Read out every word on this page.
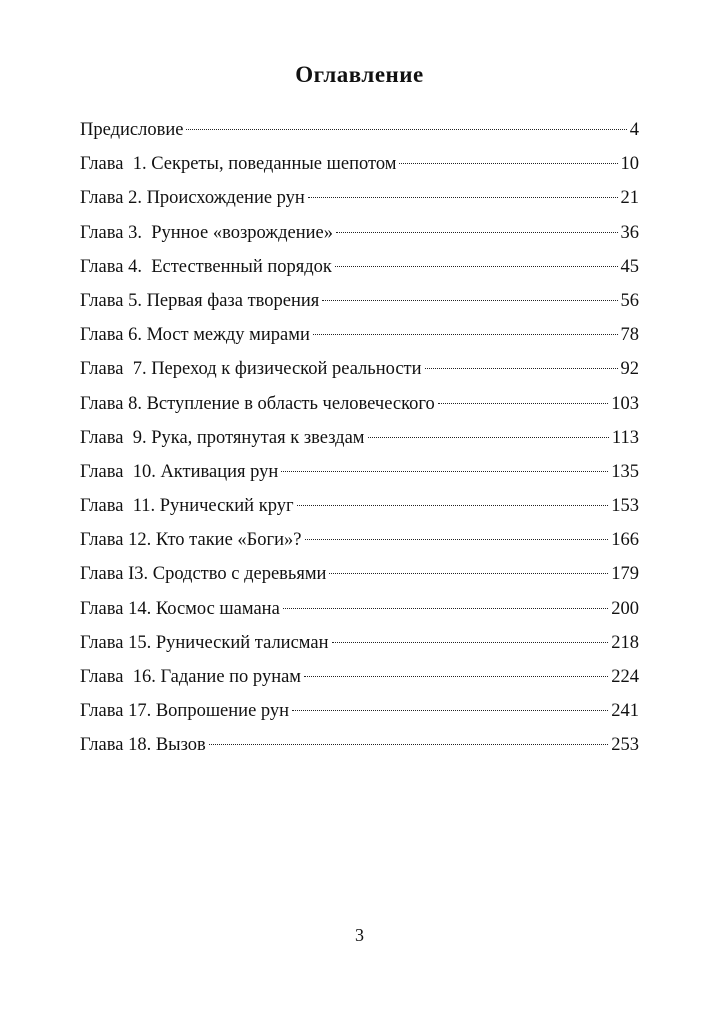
Оглавление
Предисловие	4
Глава  1. Секреты, поведанные шепотом	10
Глава 2. Происхождение рун	21
Глава 3.  Рунное «возрождение»	36
Глава 4.  Естественный порядок	45
Глава 5. Первая фаза творения	56
Глава 6. Мост между мирами	78
Глава  7. Переход к физической реальности	92
Глава 8. Вступление в область человеческого	103
Глава  9. Рука, протянутая к звездам	113
Глава  10. Активация рун	135
Глава  11. Рунический круг	153
Глава 12. Кто такие «Боги»?	166
Глава I3. Сродство с деревьями	179
Глава 14. Космос шамана	200
Глава 15. Рунический талисман	218
Глава  16. Гадание по рунам	224
Глава 17. Вопрошение рун	241
Глава 18. Вызов	253
3
